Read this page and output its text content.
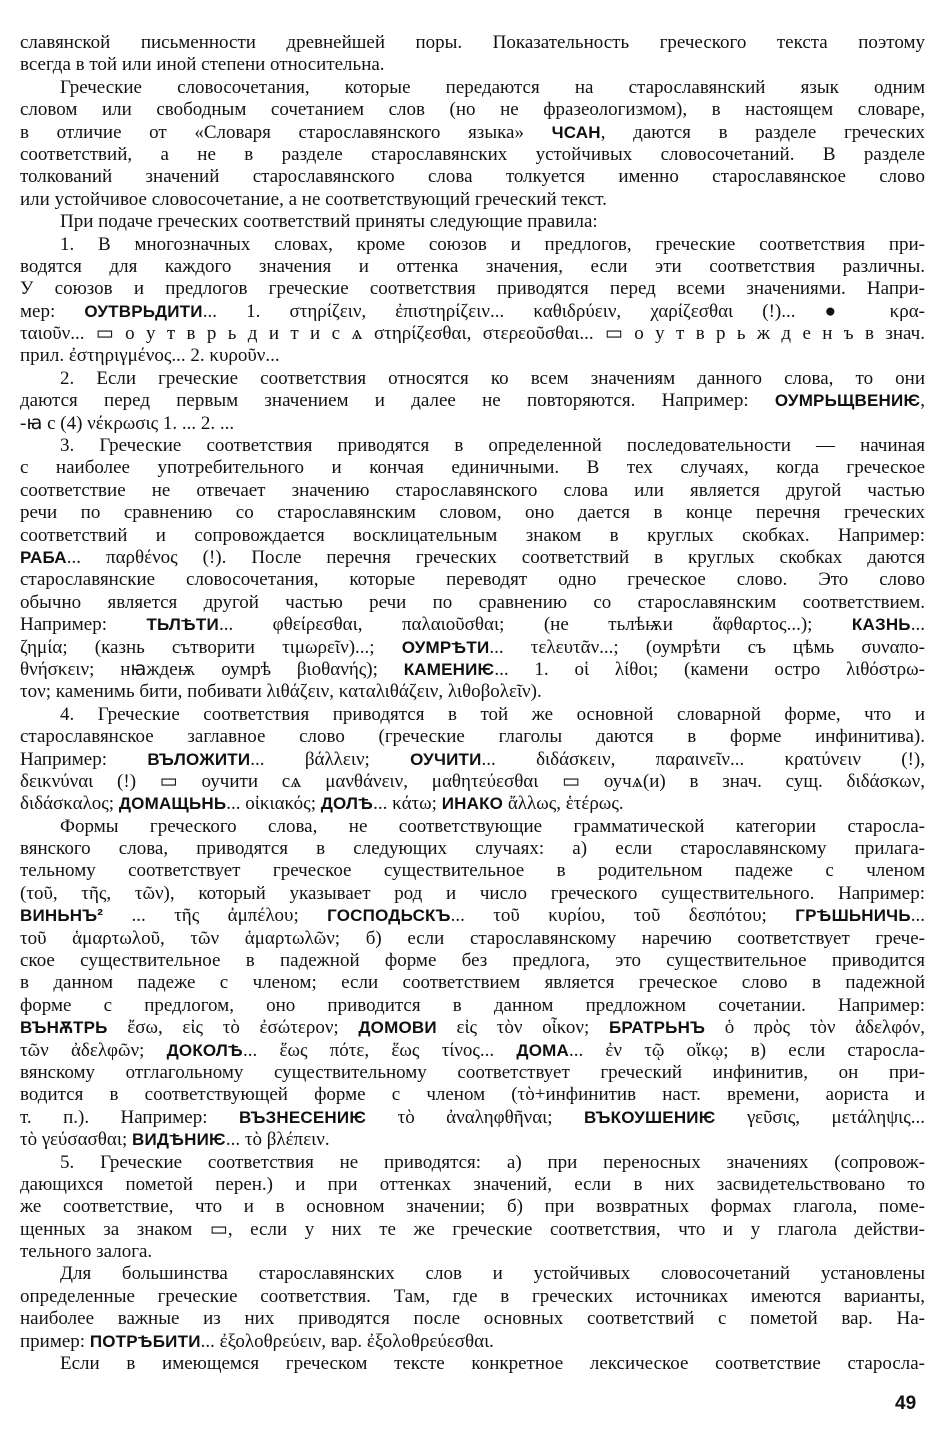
славянской письменности древнейшей поры. Показательность греческого текста поэтому
всегда в той или иной степени относительна.
Греческие словосочетания, которые передаются на старославянский язык одним
словом или свободным сочетанием слов (но не фразеологизмом), в настоящем словаре,
в отличие от «Словаря старославянского языка» ЧСАН, даются в разделе греческих
соответствий, а не в разделе старославянских устойчивых словосочетаний. В разделе
толкований значений старославянского слова толкуется именно старославянское слово
или устойчивое словосочетание, а не соответствующий греческий текст.
При подаче греческих соответствий приняты следующие правила:
1. В многозначных словах, кроме союзов и предлогов, греческие соответствия при-
водятся для каждого значения и оттенка значения, если эти соответствия различны.
У союзов и предлогов греческие соответствия приводятся перед всеми значениями. Напри-
мер: ОУТВРЬДИТИ... 1. στηρίζειν, ἐπιστηρίζειν... καθιδρύειν, χαρίζεσθαι (!)... ● κρα-
ταιοῦν... ▭ о у т в р ь д и т и с ѧ στηρίζεσθαι, στερεοῦσθαι... ▭ о у т в р ь ж д е н ъ в знач.
прил. ἐστηριγμένος... 2. κυροῦν...
2. Если греческие соответствия относятся ко всем значениям данного слова, то они
даются перед первым значением и далее не повторяются. Например: ОУМРЬЩВЕНИѤ,
-ꙗ с (4) νέκρωσις 1. ... 2. ...
3. Греческие соответствия приводятся в определенной последовательности — начиная
с наиболее употребительного и кончая единичными. В тех случаях, когда греческое
соответствие не отвечает значению старославянского слова или является другой частью
речи по сравнению со старославянским словом, оно дается в конце перечня греческих
соответствий и сопровождается восклицательным знаком в круглых скобках. Например:
РАБА... παρθένος (!). После перечня греческих соответствий в круглых скобках даются
старославянские словосочетания, которые переводят одно греческое слово. Это слово
обычно является другой частью речи по сравнению со старославянским соответствием.
Например: ТЬЛѢТИ... φθείρεσθαι, παλαιοῦσθαι; (не тьлѣѭи ἄφθαρτος...); КАЗНЬ...
ζημία; (казнь сътворити τιμωρεῖν)...; ОУМРѢТИ... τελευτᾶν...; (оумрѣти съ цѣмь συναπο-
θνήσκειν; нꙗждеѭ оумрѣ βιοθανής); КАМЕНИѤ... 1. οἱ λίθοι; (камени остро λιθόστρω-
τον; каменимь бити, побивати λιθάζειν, καταλιθάζειν, λιθοβολεῖν).
4. Греческие соответствия приводятся в той же основной словарной форме, что и
старославянское заглавное слово (греческие глаголы даются в форме инфинитива).
Например: ВЪЛОЖИТИ... βάλλειν; ОУЧИТИ... διδάσκειν, παραινεῖν... κρατύνειν (!),
δεικνύναι (!) ▭ оучити сѧ μανθάνειν, μαθητεύεσθαι ▭ оучѧ(и) в знач. сущ. διδάσκων,
διδάσκαλος; ДОМАЩЬНЬ... οἰκιακός; ДОЛѢ... κάτω; ИНАКО ἄλλως, ἑτέρως.
Формы греческого слова, не соответствующие грамматической категории старосла-
вянского слова, приводятся в следующих случаях: а) если старославянскому прилага-
тельному соответствует греческое существительное в родительном падеже с членом
(τοῦ, τῆς, τῶν), который указывает род и число греческого существительного. Например:
ВИНЬНЪ² ... τῆς ἀμπέλου; ГОСПОДЬСКЪ... τοῦ κυρίου, τοῦ δεσπότου; ГРѢШЬНИЧЬ...
τοῦ ἁμαρτωλοῦ, τῶν ἁμαρτωλῶν; б) если старославянскому наречию соответствует грече-
ское существительное в падежной форме без предлога, это существительное приводится
в данном падеже с членом; если соответствием является греческое слово в падежной
форме с предлогом, оно приводится в данном предложном сочетании. Например:
ВЪНѪТРЬ ἔσω, εἰς τὸ ἐσώτερον; ДОМОВИ εἰς τὸν οἶκον; БРАТРЬНЪ ὁ πρὸς τὸν ἀδελφόν,
τῶν ἀδελφῶν; ДОКОЛѢ... ἕως πότε, ἕως τίνος... ДОМА... ἐν τῷ οἴκῳ; в) если старосла-
вянскому отглагольному существительному соответствует греческий инфинитив, он при-
водится в соответствующей форме с членом (τὸ+инфинитив наст. времени, аориста и
т. п.). Например: ВЪЗНЕСЕНИѤ τὸ ἀναληφθῆναι; ВЪКОУШЕНИѤ γεῦσις, μετάληψις...
τὸ γεύσασθαι; ВИДѢНИѤ... τὸ βλέπειν.
5. Греческие соответствия не приводятся: а) при переносных значениях (сопровож-
дающихся пометой перен.) и при оттенках значений, если в них засвидетельствовано то
же соответствие, что и в основном значении; б) при возвратных формах глагола, поме-
щенных за знаком ▭, если у них те же греческие соответствия, что и у глагола действи-
тельного залога.
Для большинства старославянских слов и устойчивых словосочетаний установлены
определенные греческие соответствия. Там, где в греческих источниках имеются варианты,
наиболее важные из них приводятся после основных соответствий с пометой вар. На-
пример: ПОТРѢБИТИ... ἐξολοθρεύειν, вар. ἐξολοθρεύεσθαι.
Если в имеющемся греческом тексте конкретное лексическое соответствие старосла-
49
